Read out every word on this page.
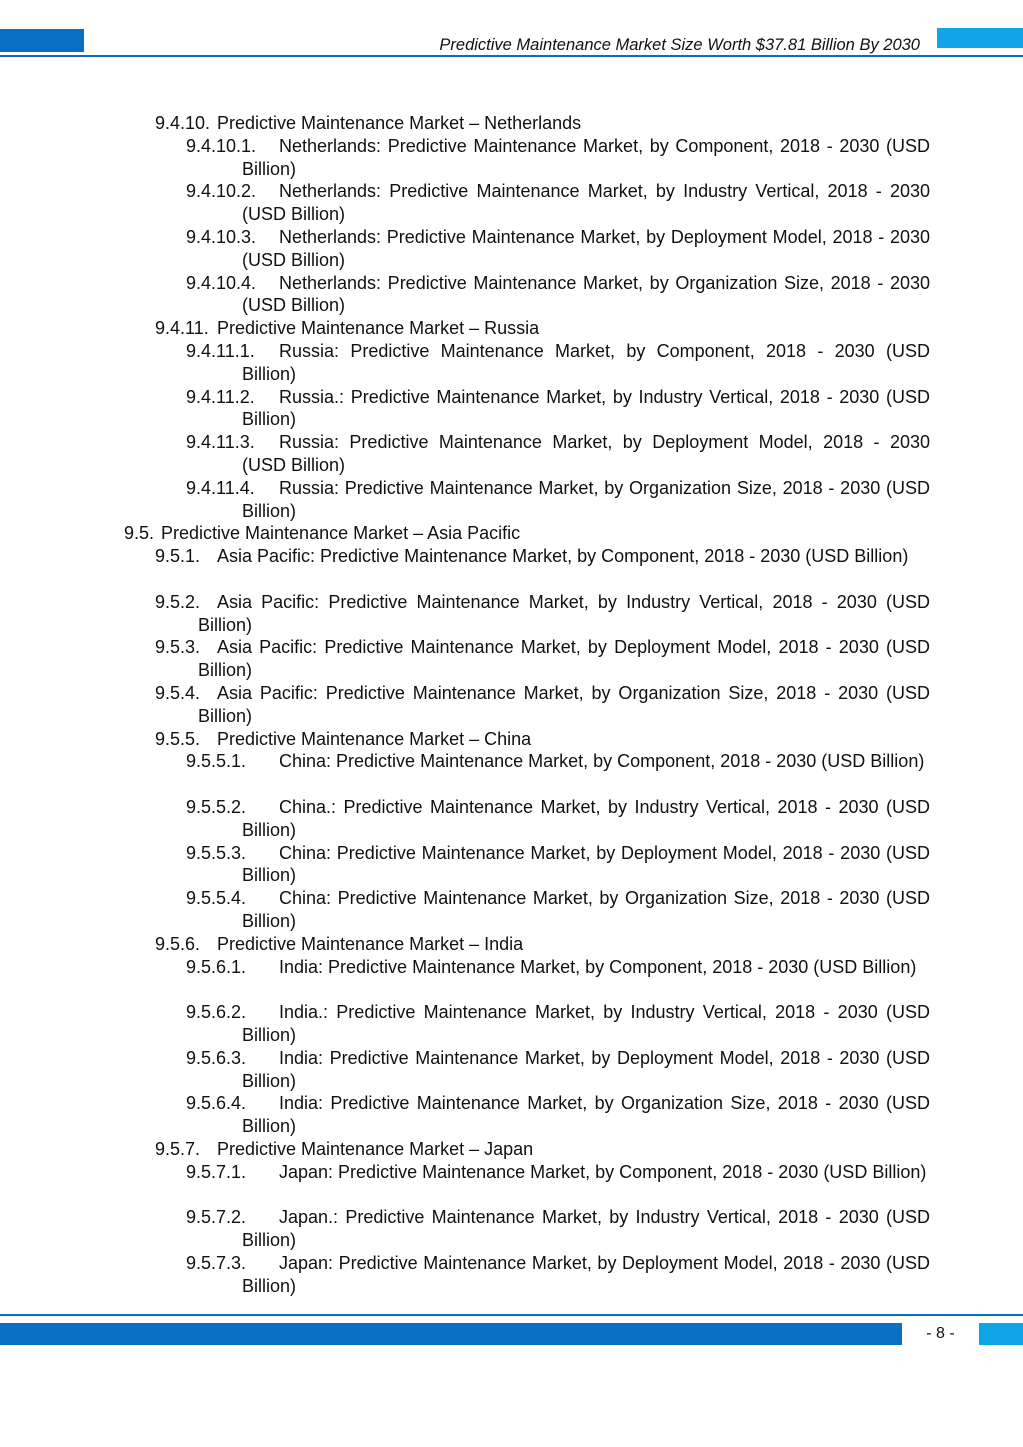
Predictive Maintenance Market Size Worth $37.81 Billion By 2030
9.4.10. Predictive Maintenance Market – Netherlands
9.4.10.1.	Netherlands: Predictive Maintenance Market, by Component, 2018 - 2030 (USD Billion)
9.4.10.2.	Netherlands: Predictive Maintenance Market, by Industry Vertical, 2018 - 2030 (USD Billion)
9.4.10.3.	Netherlands: Predictive Maintenance Market, by Deployment Model, 2018 - 2030 (USD Billion)
9.4.10.4.	Netherlands: Predictive Maintenance Market, by Organization Size, 2018 - 2030 (USD Billion)
9.4.11. Predictive Maintenance Market – Russia
9.4.11.1.	Russia: Predictive Maintenance Market, by Component, 2018 - 2030 (USD Billion)
9.4.11.2.	Russia.: Predictive Maintenance Market, by Industry Vertical, 2018 - 2030 (USD Billion)
9.4.11.3.	Russia: Predictive Maintenance Market, by Deployment Model, 2018 - 2030 (USD Billion)
9.4.11.4.	Russia: Predictive Maintenance Market, by Organization Size, 2018 - 2030 (USD Billion)
9.5. Predictive Maintenance Market – Asia Pacific
9.5.1. Asia Pacific: Predictive Maintenance Market, by Component, 2018 - 2030 (USD Billion)
9.5.2. Asia Pacific: Predictive Maintenance Market, by Industry Vertical, 2018 - 2030 (USD Billion)
9.5.3. Asia Pacific: Predictive Maintenance Market, by Deployment Model, 2018 - 2030 (USD Billion)
9.5.4. Asia Pacific: Predictive Maintenance Market, by Organization Size, 2018 - 2030 (USD Billion)
9.5.5. Predictive Maintenance Market – China
9.5.5.1.	China: Predictive Maintenance Market, by Component, 2018 - 2030 (USD Billion)
9.5.5.2.	China.: Predictive Maintenance Market, by Industry Vertical, 2018 - 2030 (USD Billion)
9.5.5.3.	China: Predictive Maintenance Market, by Deployment Model, 2018 - 2030 (USD Billion)
9.5.5.4.	China: Predictive Maintenance Market, by Organization Size, 2018 - 2030 (USD Billion)
9.5.6. Predictive Maintenance Market – India
9.5.6.1.	India: Predictive Maintenance Market, by Component, 2018 - 2030 (USD Billion)
9.5.6.2.	India.: Predictive Maintenance Market, by Industry Vertical, 2018 - 2030 (USD Billion)
9.5.6.3.	India: Predictive Maintenance Market, by Deployment Model, 2018 - 2030 (USD Billion)
9.5.6.4.	India: Predictive Maintenance Market, by Organization Size, 2018 - 2030 (USD Billion)
9.5.7. Predictive Maintenance Market – Japan
9.5.7.1.	Japan: Predictive Maintenance Market, by Component, 2018 - 2030 (USD Billion)
9.5.7.2.	Japan.: Predictive Maintenance Market, by Industry Vertical, 2018 - 2030 (USD Billion)
9.5.7.3.	Japan: Predictive Maintenance Market, by Deployment Model, 2018 - 2030 (USD Billion)
- 8 -
